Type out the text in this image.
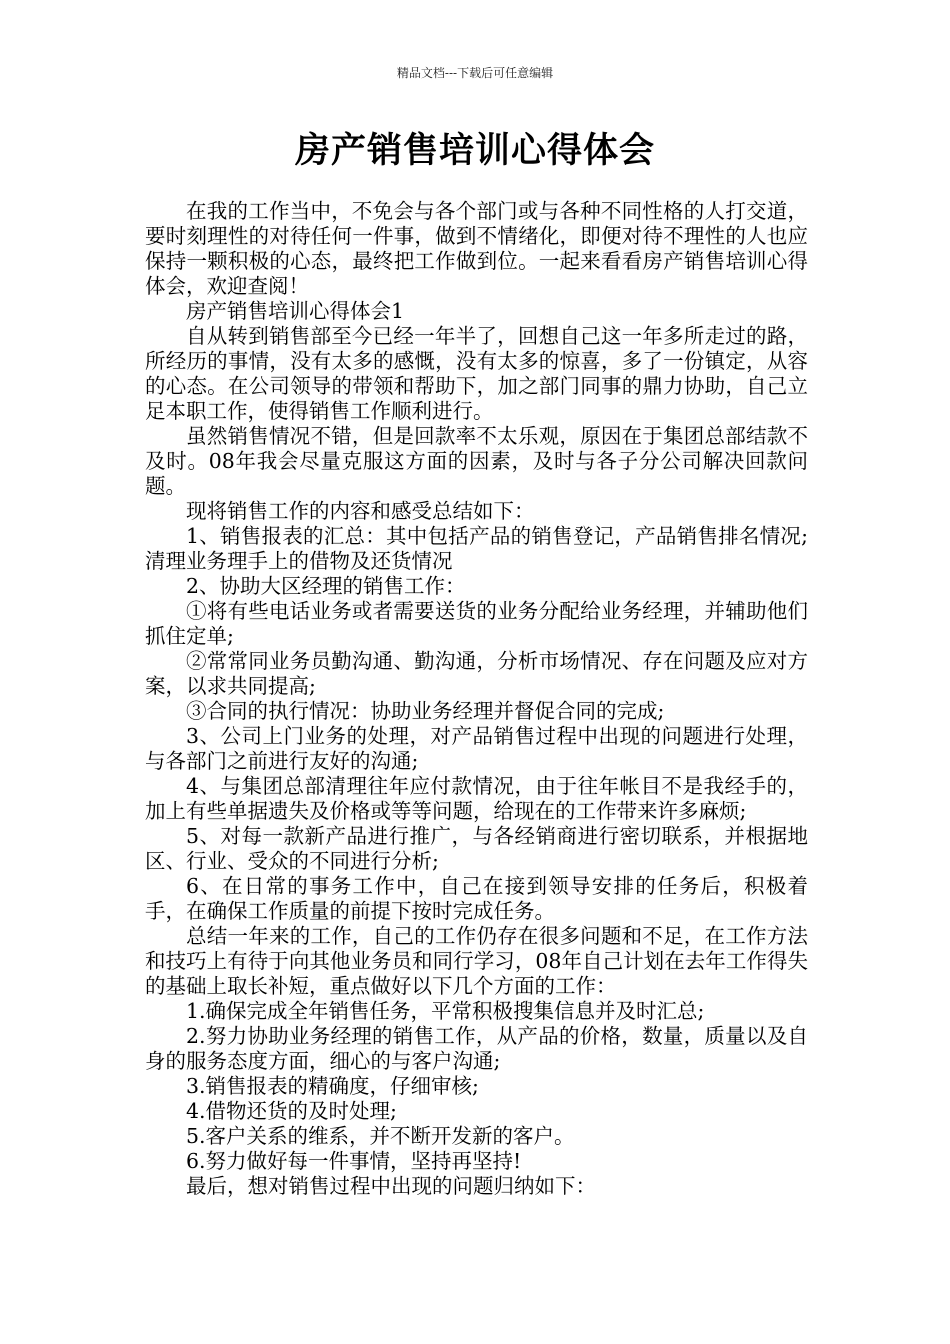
精品文档---下载后可任意编辑
房产销售培训心得体会

在我的工作当中，不免会与各个部门或与各种不同性格的人打交道，要时刻理性的对待任何一件事，做到不情绪化，即便对待不理性的人也应保持一颗积极的心态，最终把工作做到位。一起来看看房产销售培训心得体会，欢迎查阅！

房产销售培训心得体会1

自从转到销售部至今已经一年半了，回想自己这一年多所走过的路，所经历的事情，没有太多的感慨，没有太多的惊喜，多了一份镇定，从容的心态。在公司领导的带领和帮助下，加之部门同事的鼎力协助，自己立足本职工作，使得销售工作顺利进行。

虽然销售情况不错，但是回款率不太乐观，原因在于集团总部结款不及时。08年我会尽量克服这方面的因素，及时与各子分公司解决回款问题。

现将销售工作的内容和感受总结如下：

1、销售报表的汇总：其中包括产品的销售登记，产品销售排名情况;清理业务理手上的借物及还货情况

2、协助大区经理的销售工作：

①将有些电话业务或者需要送货的业务分配给业务经理，并辅助他们抓住定单;

②常常同业务员勤沟通、勤沟通，分析市场情况、存在问题及应对方案，以求共同提高;

③合同的执行情况：协助业务经理并督促合同的完成;

3、公司上门业务的处理，对产品销售过程中出现的问题进行处理，与各部门之前进行友好的沟通;

4、与集团总部清理往年应付款情况，由于往年帐目不是我经手的，加上有些单据遗失及价格或等等问题，给现在的工作带来许多麻烦;

5、对每一款新产品进行推广，与各经销商进行密切联系，并根据地区、行业、受众的不同进行分析;

6、在日常的事务工作中，自己在接到领导安排的任务后，积极着手，在确保工作质量的前提下按时完成任务。

总结一年来的工作，自己的工作仍存在很多问题和不足，在工作方法和技巧上有待于向其他业务员和同行学习，08年自己计划在去年工作得失的基础上取长补短，重点做好以下几个方面的工作：

1.确保完成全年销售任务，平常积极搜集信息并及时汇总;

2.努力协助业务经理的销售工作，从产品的价格，数量，质量以及自身的服务态度方面，细心的与客户沟通;

3.销售报表的精确度，仔细审核;

4.借物还货的及时处理;

5.客户关系的维系，并不断开发新的客户。

6.努力做好每一件事情，坚持再坚持!

最后，想对销售过程中出现的问题归纳如下：
